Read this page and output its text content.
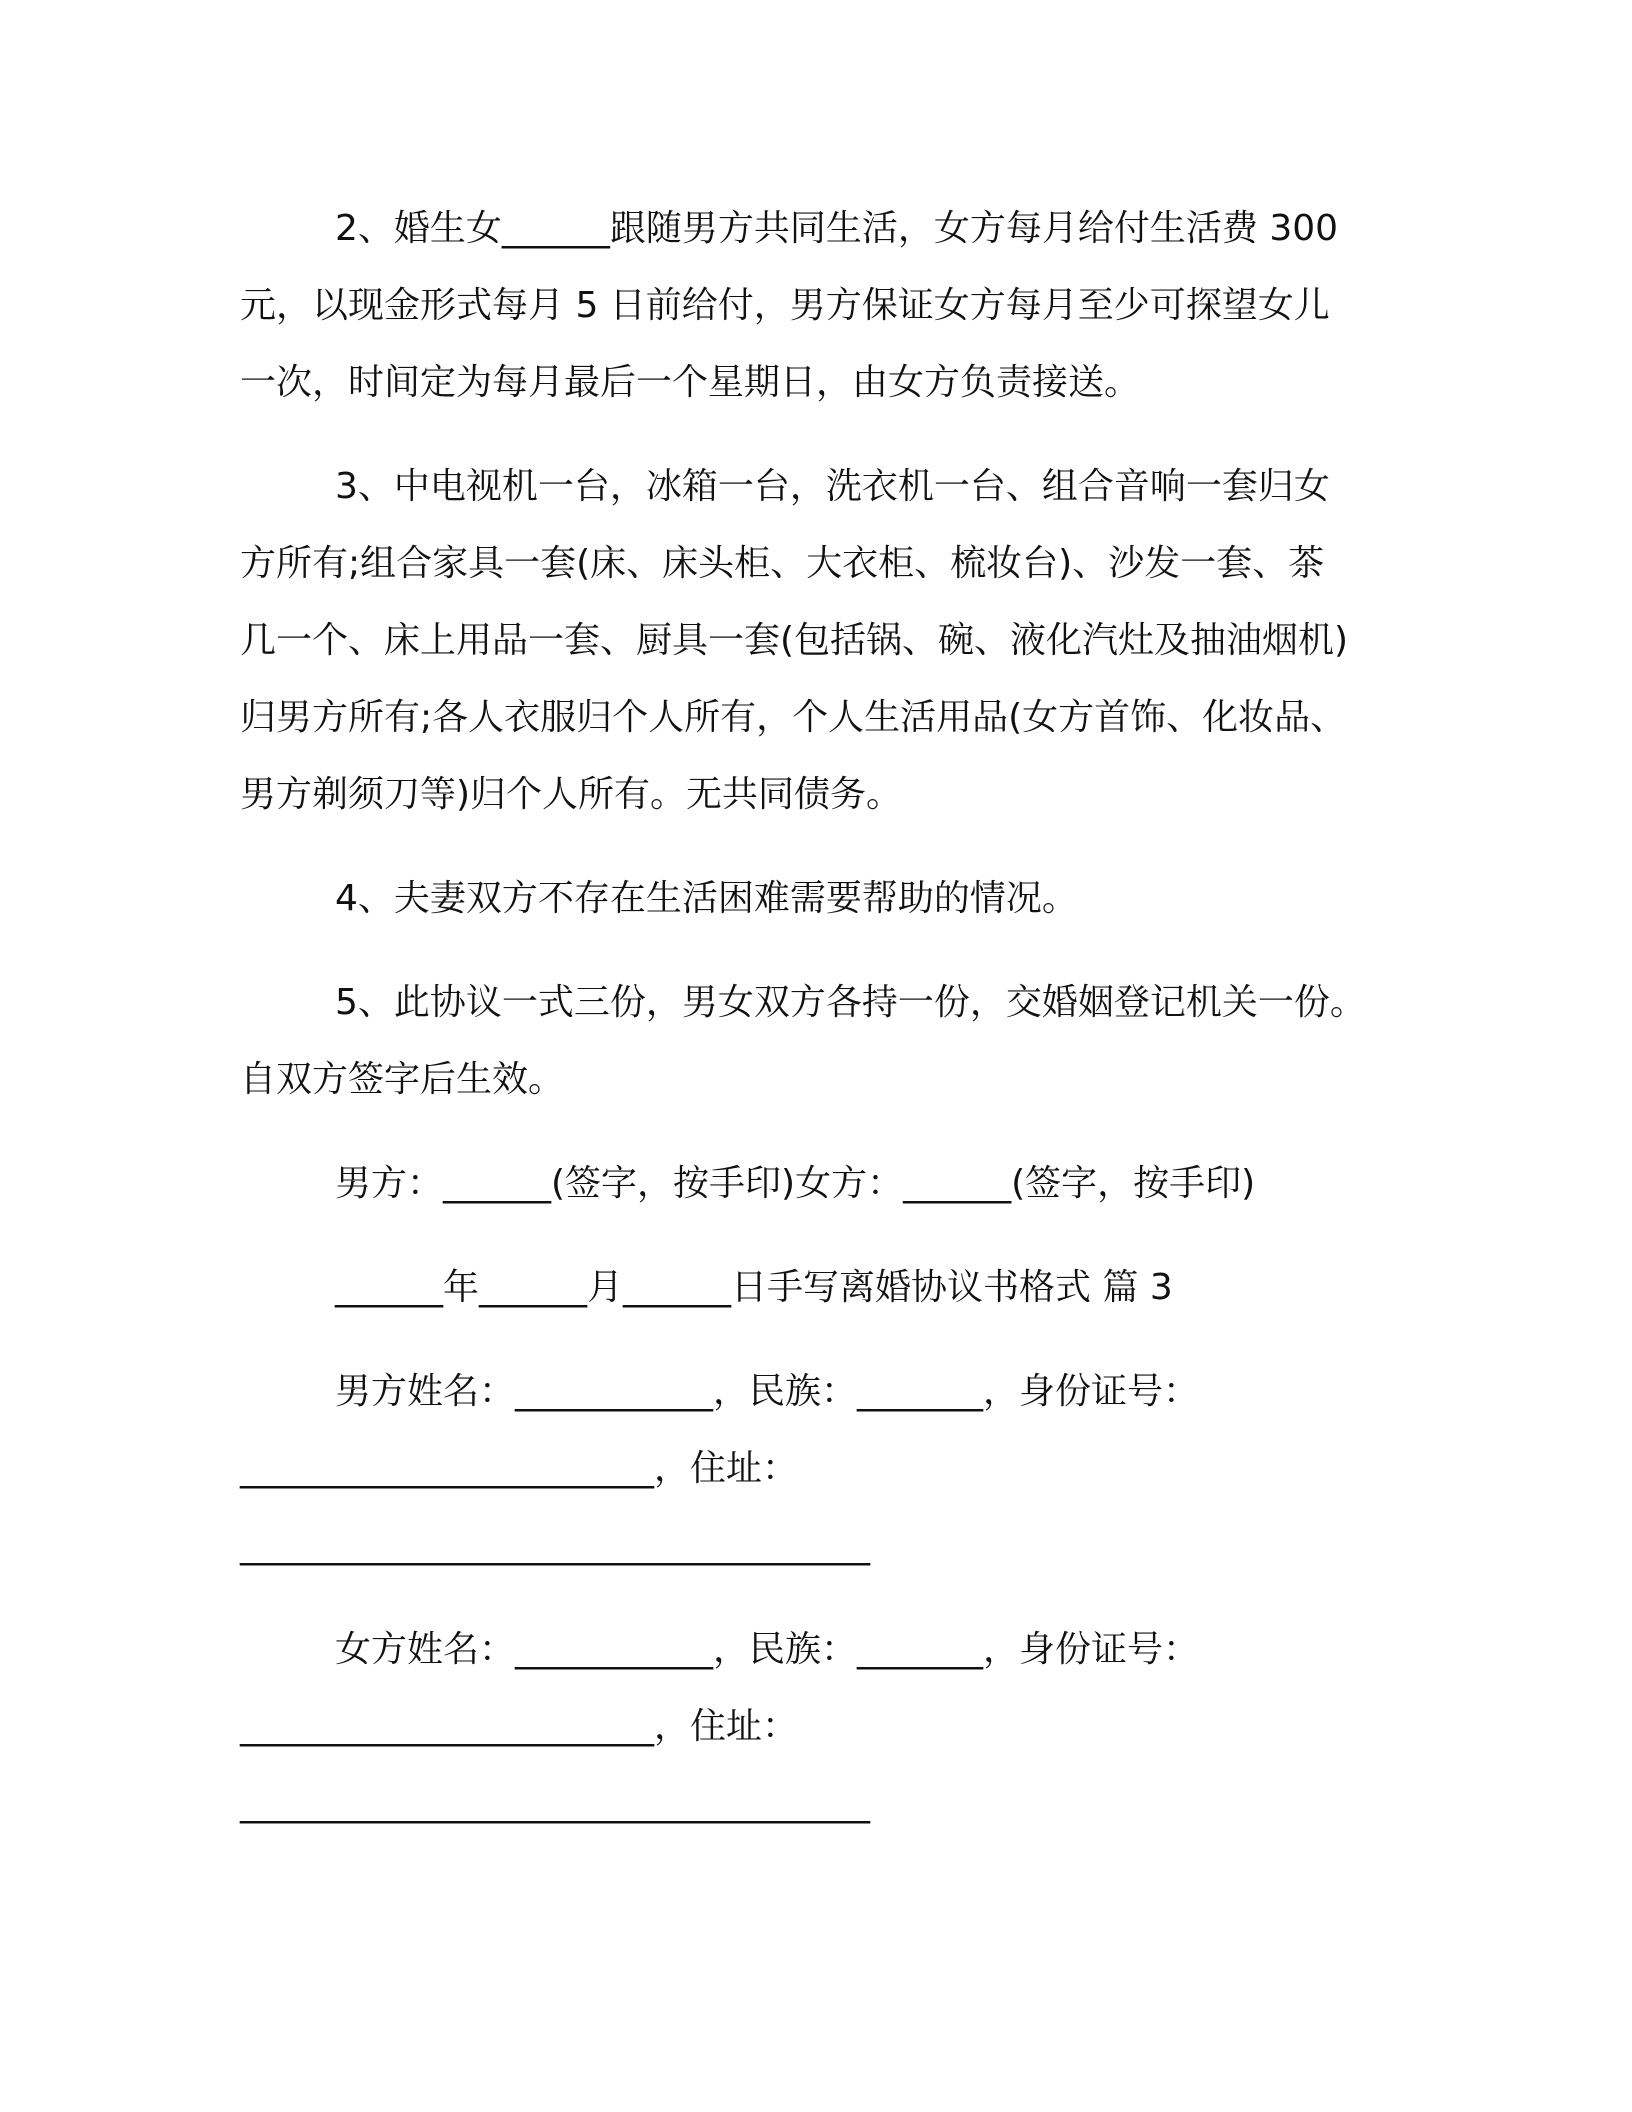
2、婚生女______跟随男方共同生活，女方每月给付生活费 300
元，以现金形式每月 5 日前给付，男方保证女方每月至少可探望女儿
一次，时间定为每月最后一个星期日，由女方负责接送。

3、中电视机一台，冰箱一台，洗衣机一台、组合音响一套归女
方所有;组合家具一套(床、床头柜、大衣柜、梳妆台)、沙发一套、茶
几一个、床上用品一套、厨具一套(包括锅、碗、液化汽灶及抽油烟机)
归男方所有;各人衣服归个人所有，个人生活用品(女方首饰、化妆品、
男方剃须刀等)归个人所有。无共同债务。

4、夫妻双方不存在生活困难需要帮助的情况。

5、此协议一式三份，男女双方各持一份，交婚姻登记机关一份。
自双方签字后生效。

男方：______(签字，按手印)女方：______(签字，按手印)

______年______月______日手写离婚协议书格式 篇 3

男方姓名：___________，民族：_______，身份证号：
_______________________，住址：
___________________________________

女方姓名：___________，民族：_______，身份证号：
_______________________，住址：
___________________________________
